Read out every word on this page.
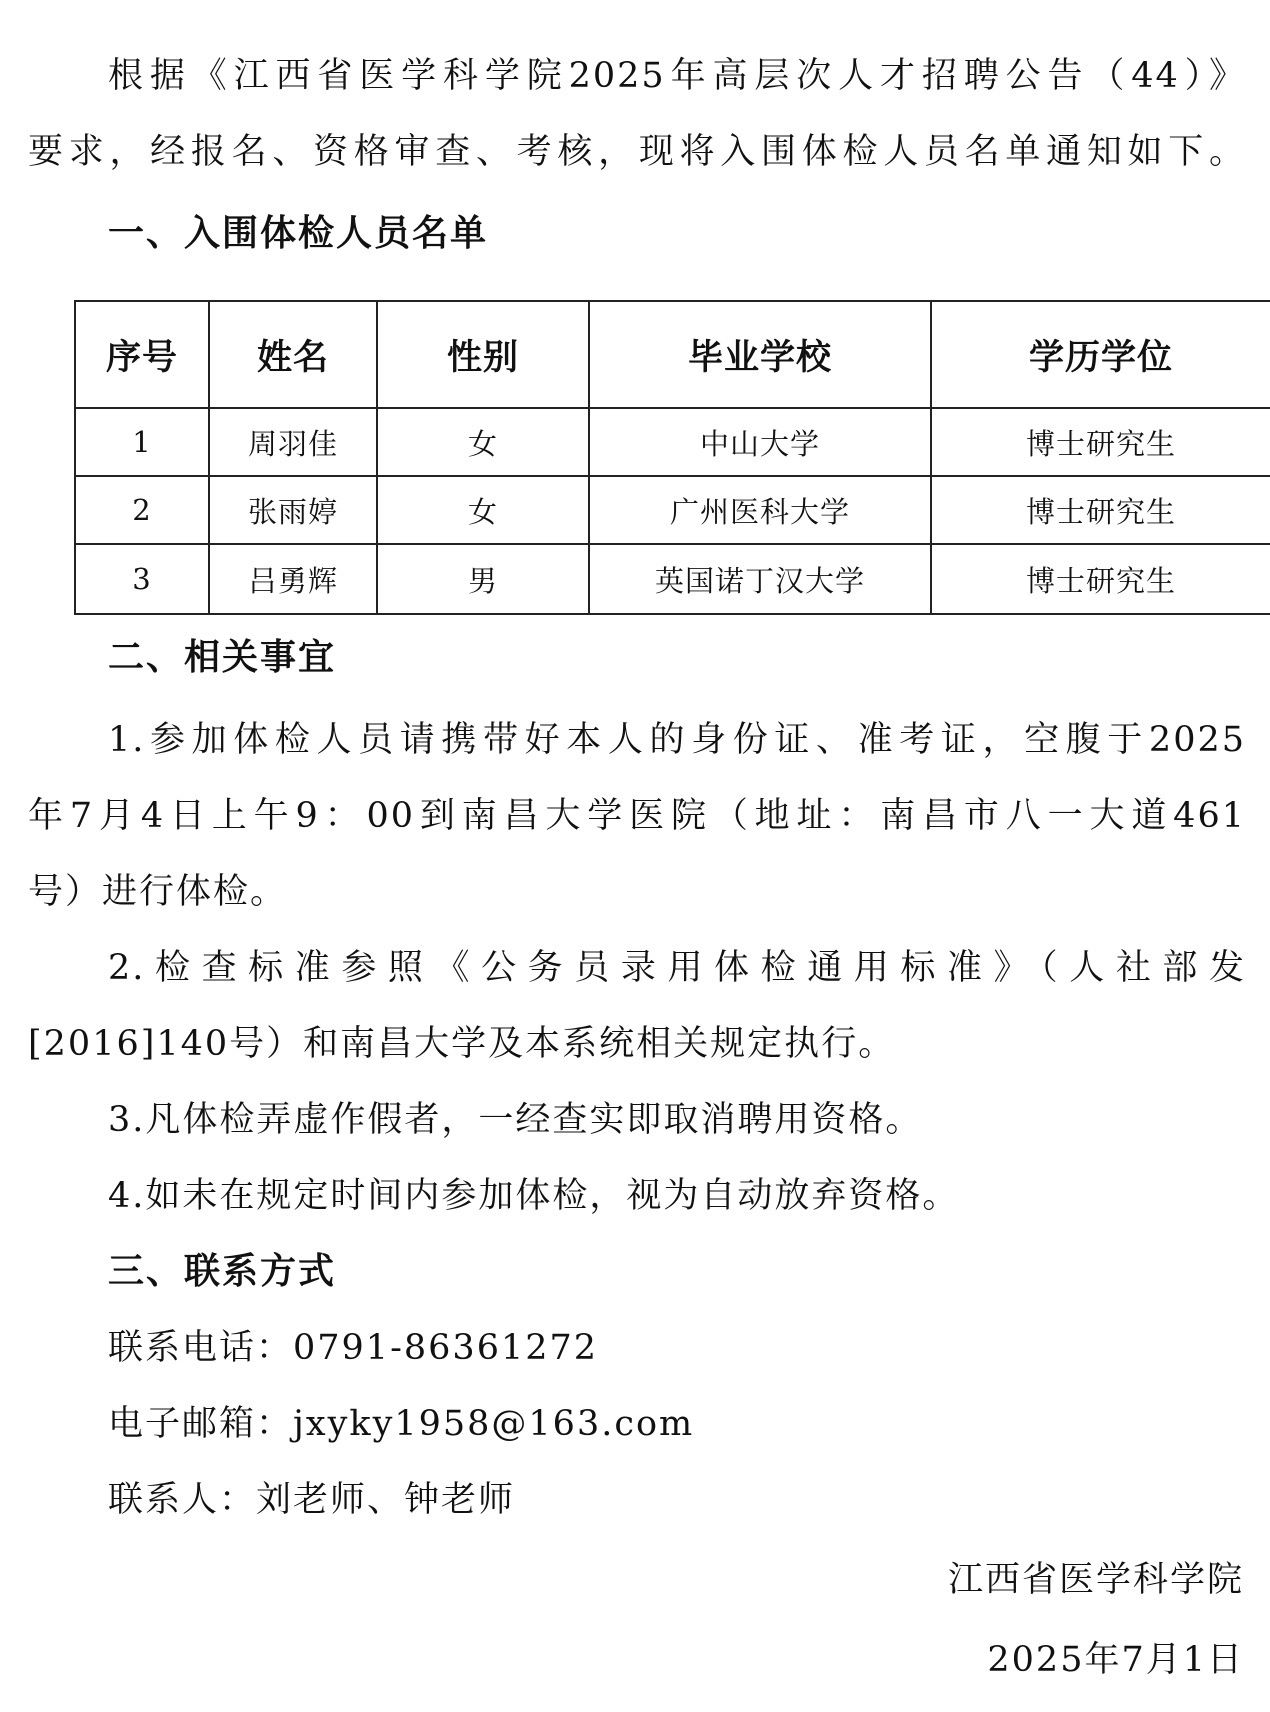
根据《江西省医学科学院2025年高层次人才招聘公告（44）》
要求，经报名、资格审查、考核，现将入围体检人员名单通知如下。
一、入围体检人员名单
序号	姓名	性别	毕业学校	学历学位
1	周羽佳	女	中山大学	博士研究生
2	张雨婷	女	广州医科大学	博士研究生
3	吕勇辉	男	英国诺丁汉大学	博士研究生
二、相关事宜
1.参加体检人员请携带好本人的身份证、准考证，空腹于2025
年7月4日上午9：00到南昌大学医院（地址：南昌市八一大道461
号）进行体检。
2.检查标准参照《公务员录用体检通用标准》（人社部发
[2016]140号）和南昌大学及本系统相关规定执行。
3.凡体检弄虚作假者，一经查实即取消聘用资格。
4.如未在规定时间内参加体检，视为自动放弃资格。
三、联系方式
联系电话：0791-86361272
电子邮箱：jxyky1958@163.com
联系人：刘老师、钟老师
江西省医学科学院
2025年7月1日
